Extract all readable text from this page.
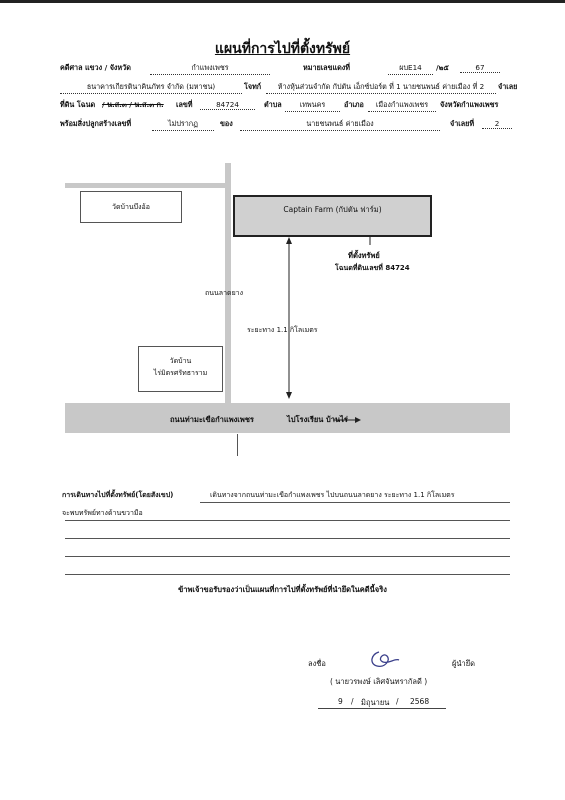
แผนที่การไปที่ตั้งทรัพย์
คดีศาล แขวง / จังหวัด	กำแพงเพชร	หมายเลขแดงที่	ผบE14	/๒๕	67
ธนาคารเกียรตินาคินภัทร จำกัด (มหาชน)	โจทก์	ห้างหุ้นส่วนจำกัด กัปตัน เอ็กซ์ปอร์ต ที่ 1 นายชนพนธ์ ค่ายเมือง ที่ 2	จำเลย
ที่ดิน โฉนด / น.ส.๓ / น.ส.๓ ก. เลขที่	84724	ตำบล	เทพนคร	อำเภอ	เมืองกำแพงเพชร	จังหวัดกำแพงเพชร
พร้อมสิ่งปลูกสร้างเลขที่	ไม่ปรากฏ	ของ	นายชนพนธ์ ค่ายเมือง	จำเลยที่	2
วัดบ้านบึงอ้อ	Captain Farm (กัปตัน ฟาร์ม)
ที่ตั้งทรัพย์
โฉนดที่ดินเลขที่ 84724
ถนนลาดยาง
ระยะทาง 1.1 กิโลเมตร
วัดบ้าน
ไร่มิตรศรัทธาราม
ถนนท่ามะเขือกำแพงเพชร	ไปโรงเรียน บ้านไร่
การเดินทางไปที่ตั้งทรัพย์(โดยสังเขป)	เดินทางจากถนนท่ามะเขือกำแพงเพชร ไปบนถนนลาดยาง ระยะทาง 1.1 กิโลเมตร
จะพบทรัพย์ทางด้านขวามือ
ข้าพเจ้าขอรับรองว่าเป็นแผนที่การไปที่ตั้งทรัพย์ที่นำยึดในคดีนี้จริง
ลงชื่อ	ผู้นำยึด
( นายวรพงษ์ เลิศจันทรากัลดี )
9 / มิถุนายน / 2568
